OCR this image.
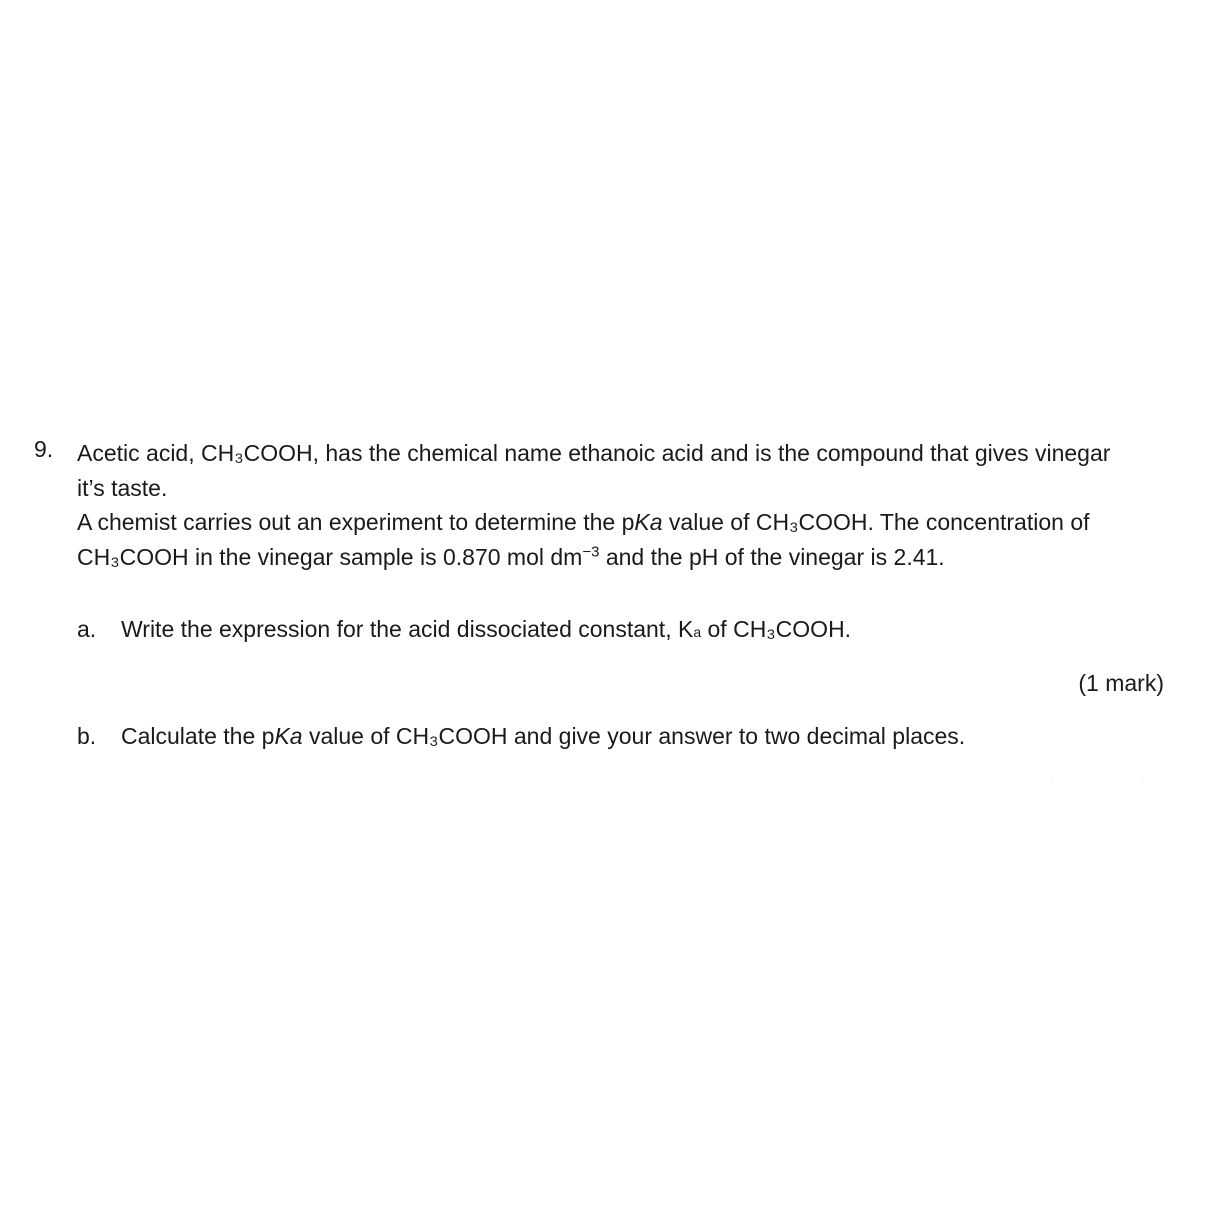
9. Acetic acid, CH₃COOH, has the chemical name ethanoic acid and is the compound that gives vinegar
it’s taste.
A chemist carries out an experiment to determine the pKa value of CH₃COOH. The concentration of
CH₃COOH in the vinegar sample is 0.870 mol $dm^{-3}$ and the pH of the vinegar is 2.41.
a. Write the expression for the acid dissociated constant, Ka of CH₃COOH.
(1 mark)
b. Calculate the pKa value of CH₃COOH and give your answer to two decimal places.
